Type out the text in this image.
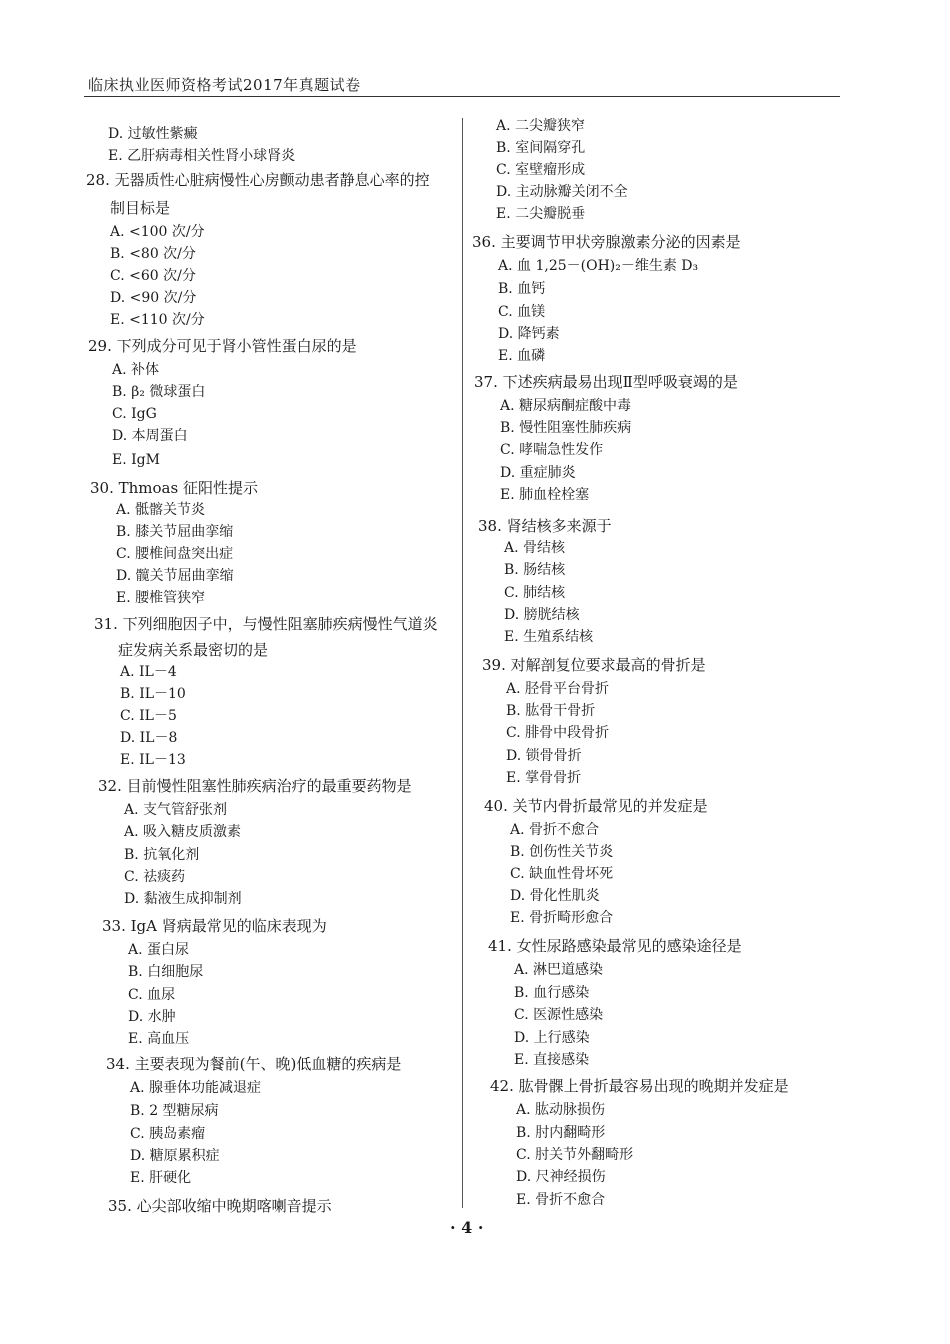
临床执业医师资格考试2017年真题试卷
D. 过敏性紫癜
E. 乙肝病毒相关性肾小球肾炎
28. 无器质性心脏病慢性心房颤动患者静息心率的控
制目标是
A. <100 次/分
B. <80 次/分
C. <60 次/分
D. <90 次/分
E. <110 次/分
29. 下列成分可见于肾小管性蛋白尿的是
A. 补体
B. β₂ 微球蛋白
C. IgG
D. 本周蛋白
E. IgM
30. Thmoas 征阳性提示
A. 骶髂关节炎
B. 膝关节屈曲挛缩
C. 腰椎间盘突出症
D. 髋关节屈曲挛缩
E. 腰椎管狭窄
31. 下列细胞因子中，与慢性阻塞肺疾病慢性气道炎
症发病关系最密切的是
A. IL－4
B. IL－10
C. IL－5
D. IL－8
E. IL－13
32. 目前慢性阻塞性肺疾病治疗的最重要药物是
A. 支气管舒张剂
A. 吸入糖皮质激素
B. 抗氧化剂
C. 祛痰药
D. 黏液生成抑制剂
33. IgA 肾病最常见的临床表现为
A. 蛋白尿
B. 白细胞尿
C. 血尿
D. 水肿
E. 高血压
34. 主要表现为餐前(午、晚)低血糖的疾病是
A. 腺垂体功能减退症
B. 2 型糖尿病
C. 胰岛素瘤
D. 糖原累积症
E. 肝硬化
35. 心尖部收缩中晚期喀喇音提示
A. 二尖瓣狭窄
B. 室间隔穿孔
C. 室壁瘤形成
D. 主动脉瓣关闭不全
E. 二尖瓣脱垂
36. 主要调节甲状旁腺激素分泌的因素是
A. 血 1,25－(OH)₂－维生素 D₃
B. 血钙
C. 血镁
D. 降钙素
E. 血磷
37. 下述疾病最易出现Ⅱ型呼吸衰竭的是
A. 糖尿病酮症酸中毒
B. 慢性阻塞性肺疾病
C. 哮喘急性发作
D. 重症肺炎
E. 肺血栓栓塞
38. 肾结核多来源于
A. 骨结核
B. 肠结核
C. 肺结核
D. 膀胱结核
E. 生殖系结核
39. 对解剖复位要求最高的骨折是
A. 胫骨平台骨折
B. 肱骨干骨折
C. 腓骨中段骨折
D. 锁骨骨折
E. 掌骨骨折
40. 关节内骨折最常见的并发症是
A. 骨折不愈合
B. 创伤性关节炎
C. 缺血性骨坏死
D. 骨化性肌炎
E. 骨折畸形愈合
41. 女性尿路感染最常见的感染途径是
A. 淋巴道感染
B. 血行感染
C. 医源性感染
D. 上行感染
E. 直接感染
42. 肱骨髁上骨折最容易出现的晚期并发症是
A. 肱动脉损伤
B. 肘内翻畸形
C. 肘关节外翻畸形
D. 尺神经损伤
E. 骨折不愈合
· 4 ·
